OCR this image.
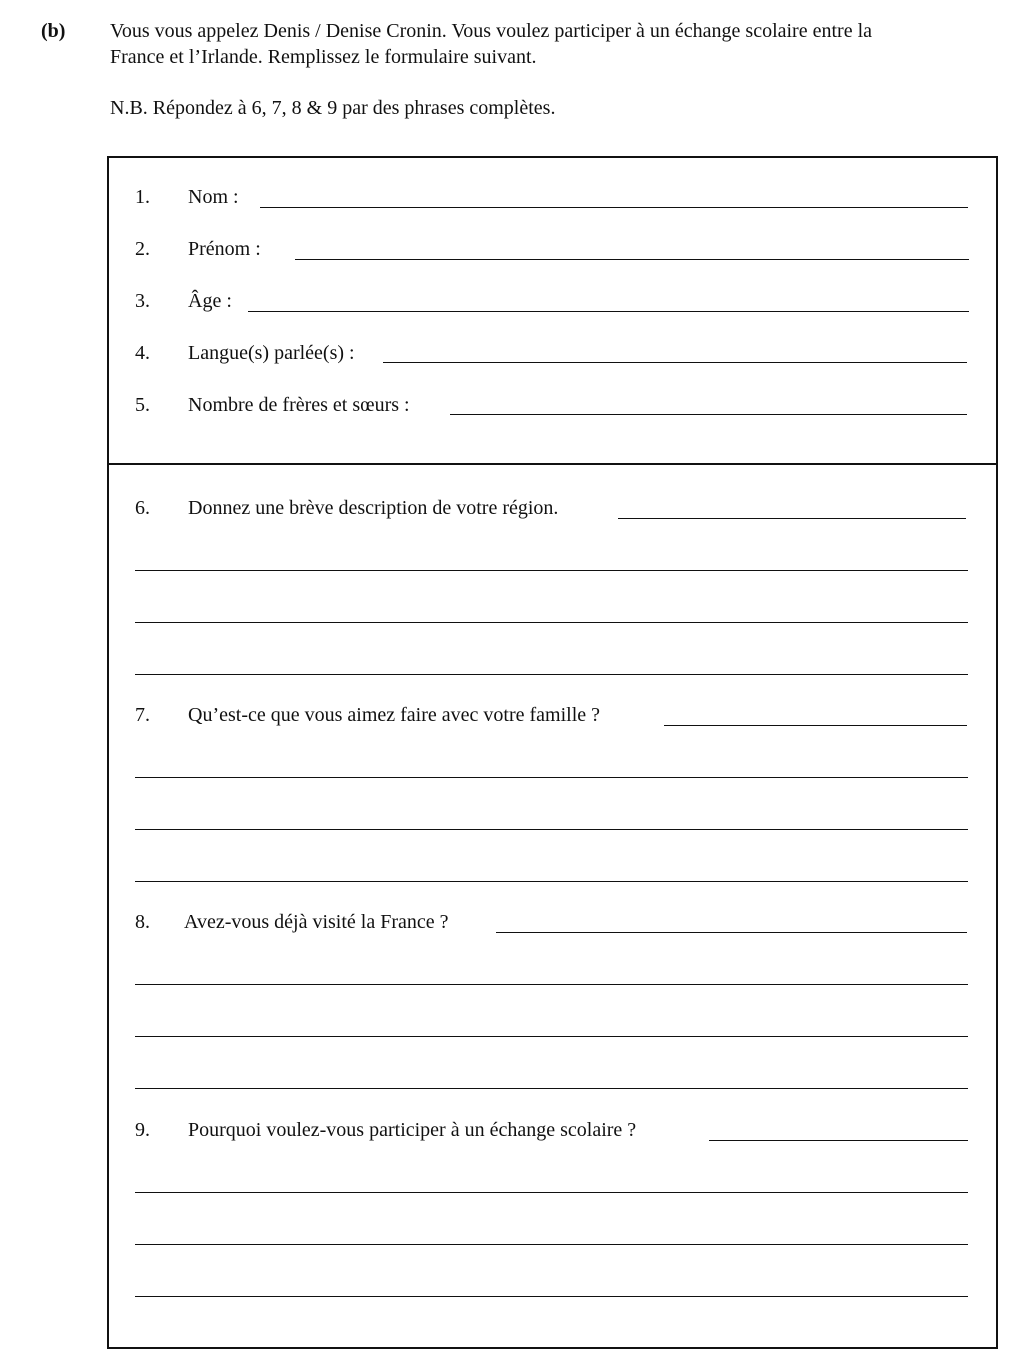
(b) Vous vous appelez Denis / Denise Cronin. Vous voulez participer à un échange scolaire entre la
France et l’Irlande. Remplissez le formulaire suivant.
N.B. Répondez à 6, 7, 8 & 9 par des phrases complètes.
1. Nom :
2. Prénom :
3. Âge :
4. Langue(s) parlée(s) :
5. Nombre de frères et sœurs :
6. Donnez une brève description de votre région.
7. Qu’est-ce que vous aimez faire avec votre famille ?
8. Avez-vous déjà visité la France ?
9. Pourquoi voulez-vous participer à un échange scolaire ?
